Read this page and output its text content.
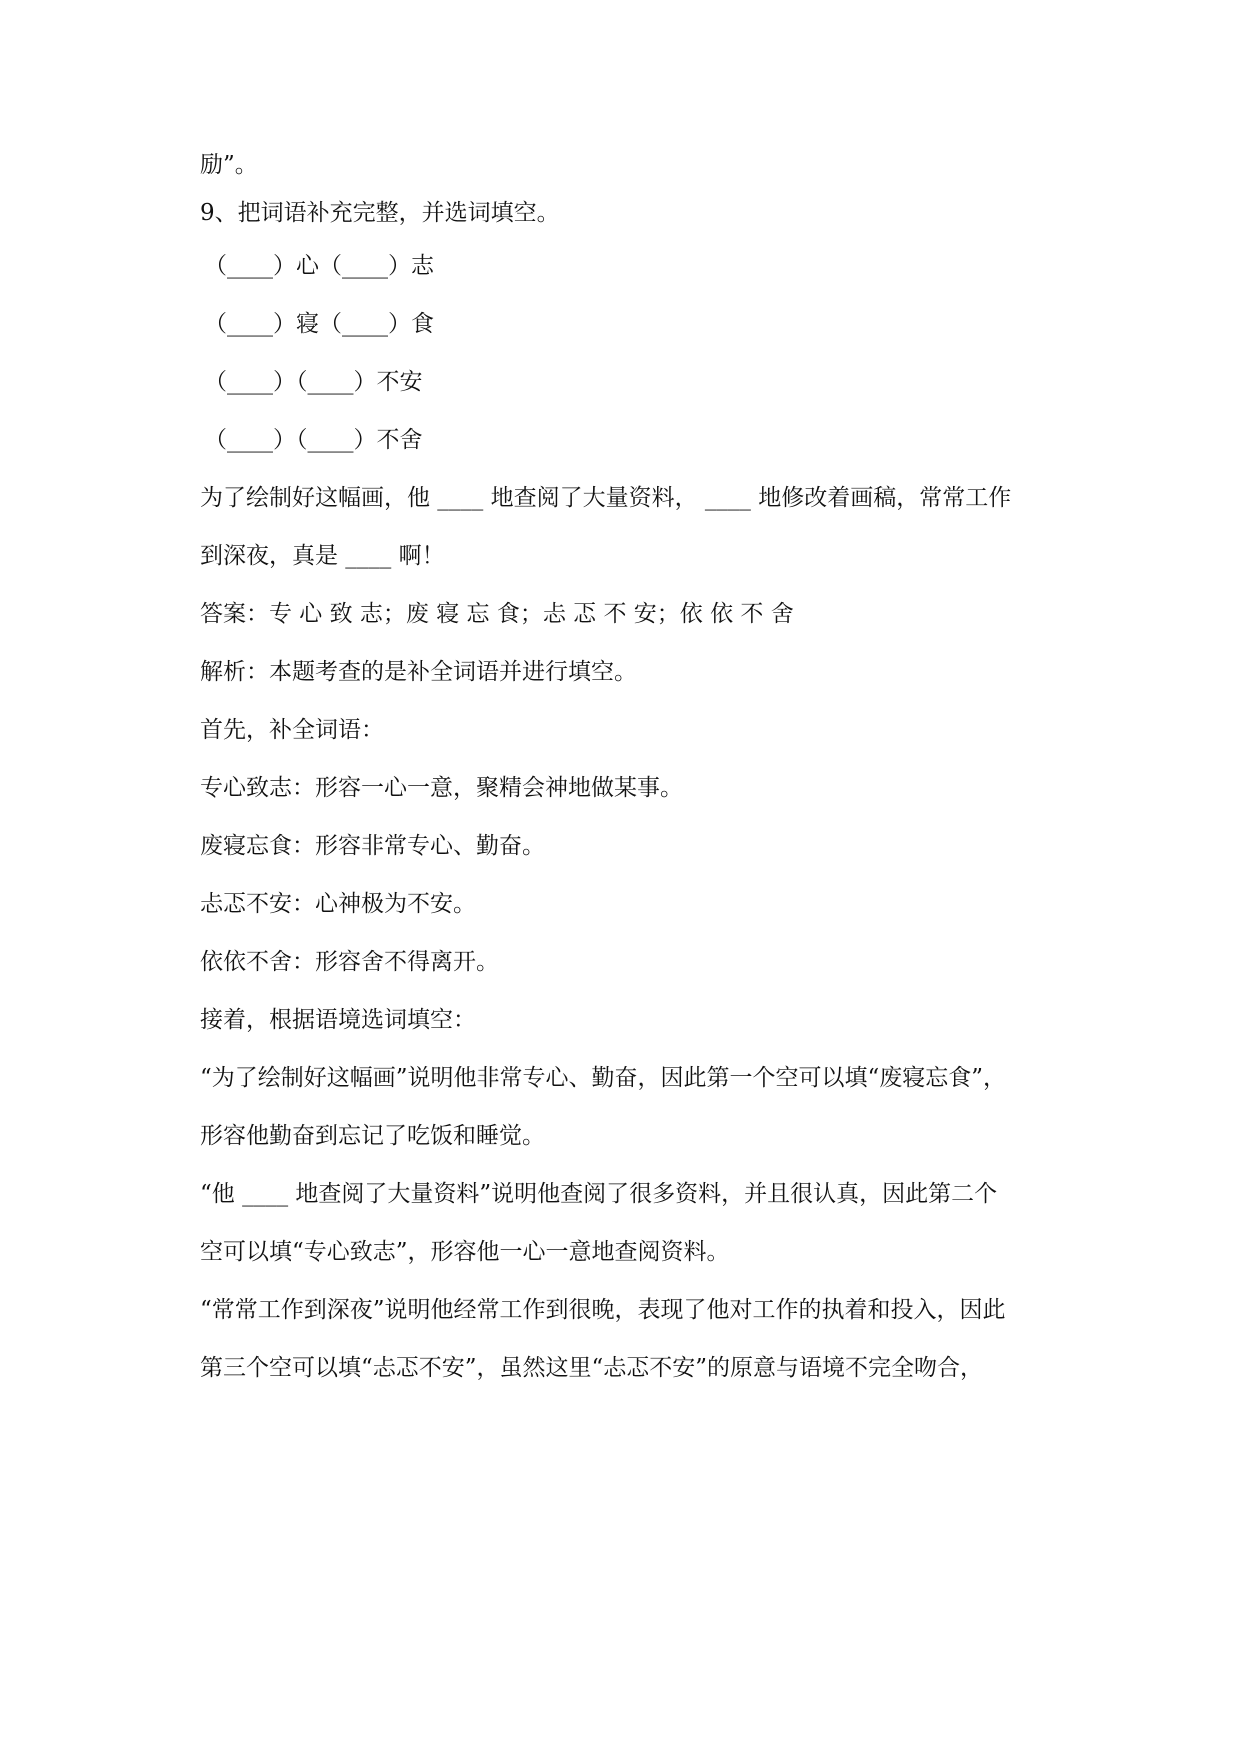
励”。
9、把词语补充完整，并选词填空。
（____）心（____）志
（____）寝（____）食
（____）（____）不安
（____）（____）不舍
为了绘制好这幅画，他 ____ 地查阅了大量资料， ____ 地修改着画稿，常常工作
到深夜，真是 ____ 啊！
答案：专 心 致 志；废 寝 忘 食；忐 忑 不 安；依 依 不 舍
解析：本题考查的是补全词语并进行填空。
首先，补全词语：
专心致志：形容一心一意，聚精会神地做某事。
废寝忘食：形容非常专心、勤奋。
忐忑不安：心神极为不安。
依依不舍：形容舍不得离开。
接着，根据语境选词填空：
“为了绘制好这幅画”说明他非常专心、勤奋，因此第一个空可以填“废寝忘食”，
形容他勤奋到忘记了吃饭和睡觉。
“他 ____ 地查阅了大量资料”说明他查阅了很多资料，并且很认真，因此第二个
空可以填“专心致志”，形容他一心一意地查阅资料。
“常常工作到深夜”说明他经常工作到很晚，表现了他对工作的执着和投入，因此
第三个空可以填“忐忑不安”，虽然这里“忐忑不安”的原意与语境不完全吻合，
